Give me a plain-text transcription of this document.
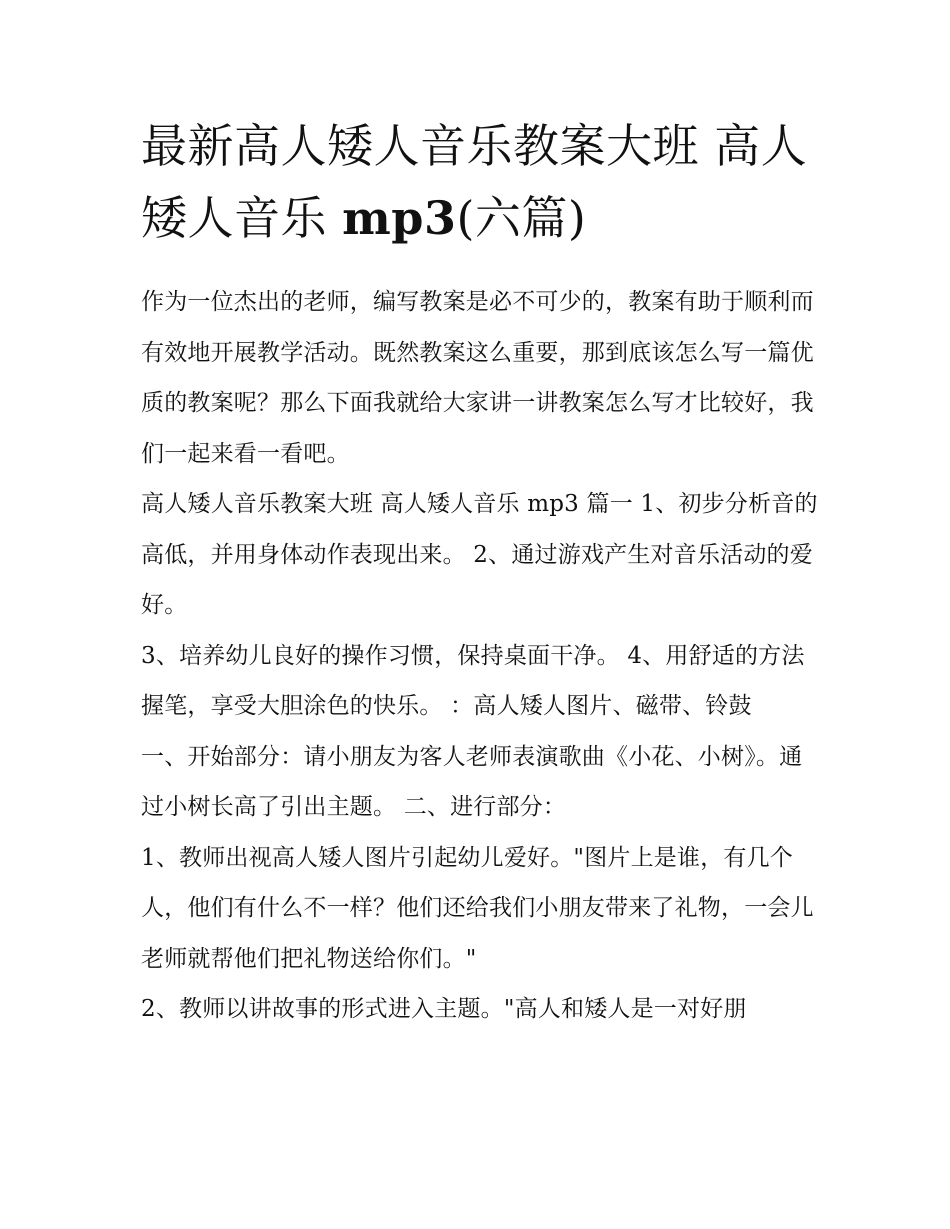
最新高人矮人音乐教案大班 高人矮人音乐 mp3(六篇)

作为一位杰出的老师，编写教案是必不可少的，教案有助于顺利而有效地开展教学活动。既然教案这么重要，那到底该怎么写一篇优质的教案呢？那么下面我就给大家讲一讲教案怎么写才比较好，我们一起来看一看吧。

高人矮人音乐教案大班 高人矮人音乐 mp3 篇一 1、初步分析音的高低，并用身体动作表现出来。 2、通过游戏产生对音乐活动的爱好。

3、培养幼儿良好的操作习惯，保持桌面干净。 4、用舒适的方法握笔，享受大胆涂色的快乐。 ：高人矮人图片、磁带、铃鼓

一、开始部分：请小朋友为客人老师表演歌曲《小花、小树》。通过小树长高了引出主题。 二、进行部分：

1、教师出视高人矮人图片引起幼儿爱好。"图片上是谁，有几个人，他们有什么不一样？他们还给我们小朋友带来了礼物，一会儿老师就帮他们把礼物送给你们。"

2、教师以讲故事的形式进入主题。"高人和矮人是一对好朋
